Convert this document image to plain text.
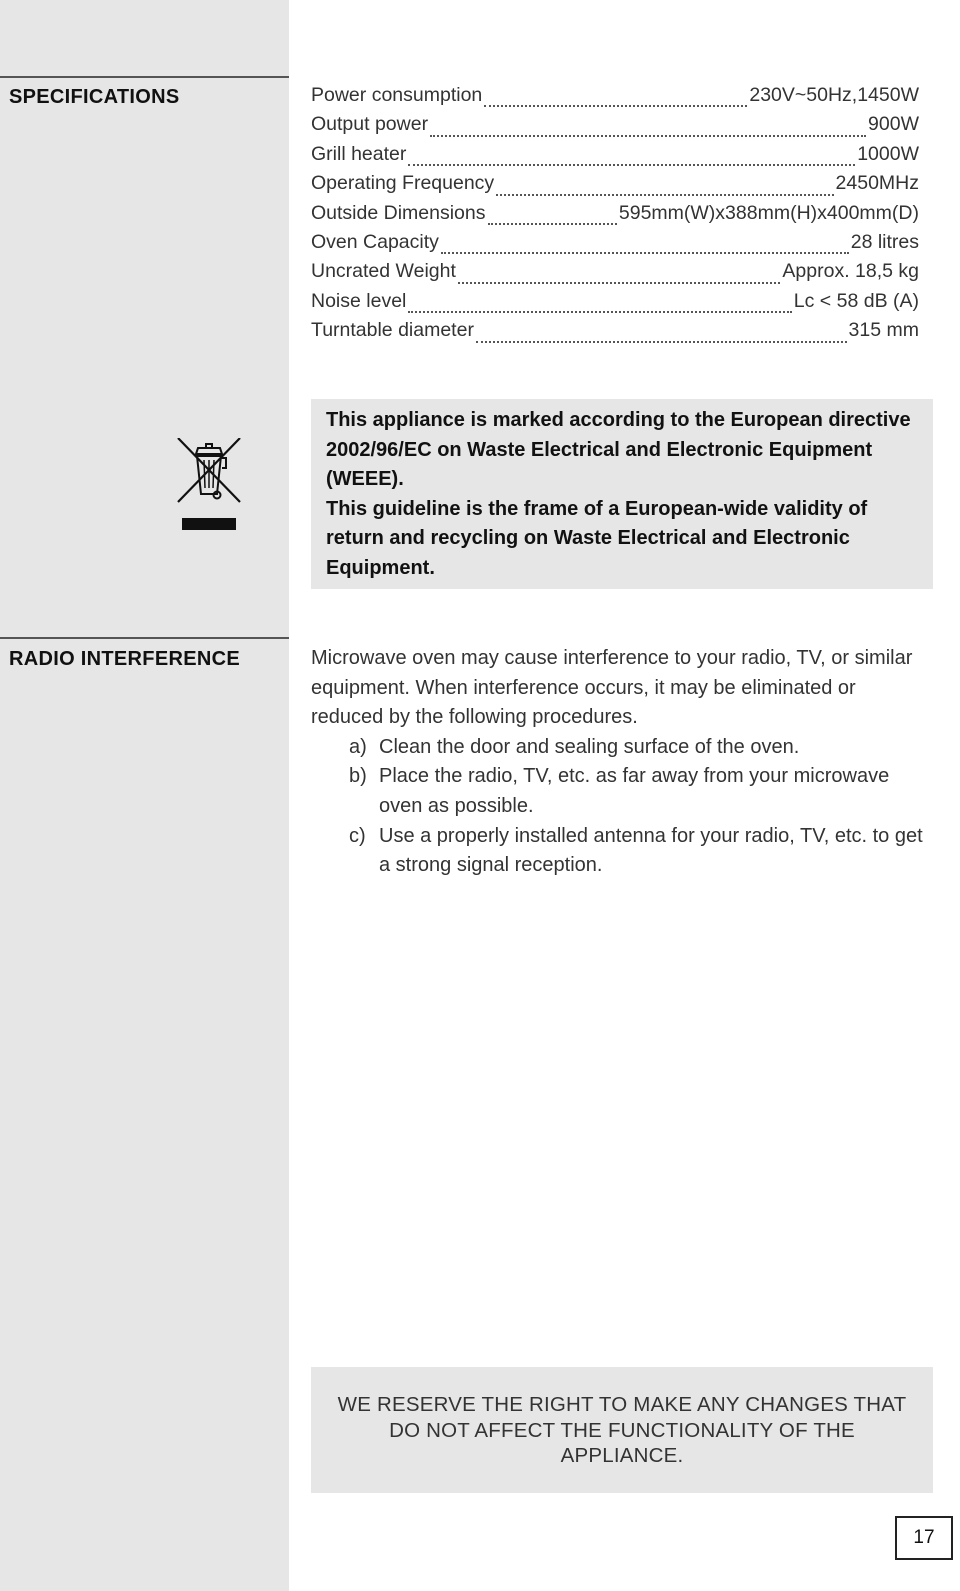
SPECIFICATIONS	Power consumption	230V~50Hz,1450W
Output power	900W
Grill heater	1000W
Operating Frequency	2450MHz
Outside Dimensions	595mm(W)x388mm(H)x400mm(D)
Oven Capacity	28 litres
Uncrated Weight	Approx. 18,5 kg
Noise level	Lc < 58 dB (A)
Turntable diameter	315 mm

This appliance is marked according to the European directive 2002/96/EC on Waste Electrical and Electronic Equipment (WEEE).

This guideline is the frame of a European-wide validity of return and recycling on Waste Electrical and Electronic Equipment.

RADIO INTERFERENCE	Microwave oven may cause interference to your radio, TV, or similar equipment. When interference occurs, it may be eliminated or reduced by the following procedures.

a) Clean the door and sealing surface of the oven.
b) Place the radio, TV, etc. as far away from your microwave oven as possible.
c) Use a properly installed antenna for your radio, TV, etc. to get a strong signal reception.
WE RESERVE THE RIGHT TO MAKE ANY CHANGES THAT DO NOT AFFECT THE FUNCTIONALITY OF THE APPLIANCE.
17
